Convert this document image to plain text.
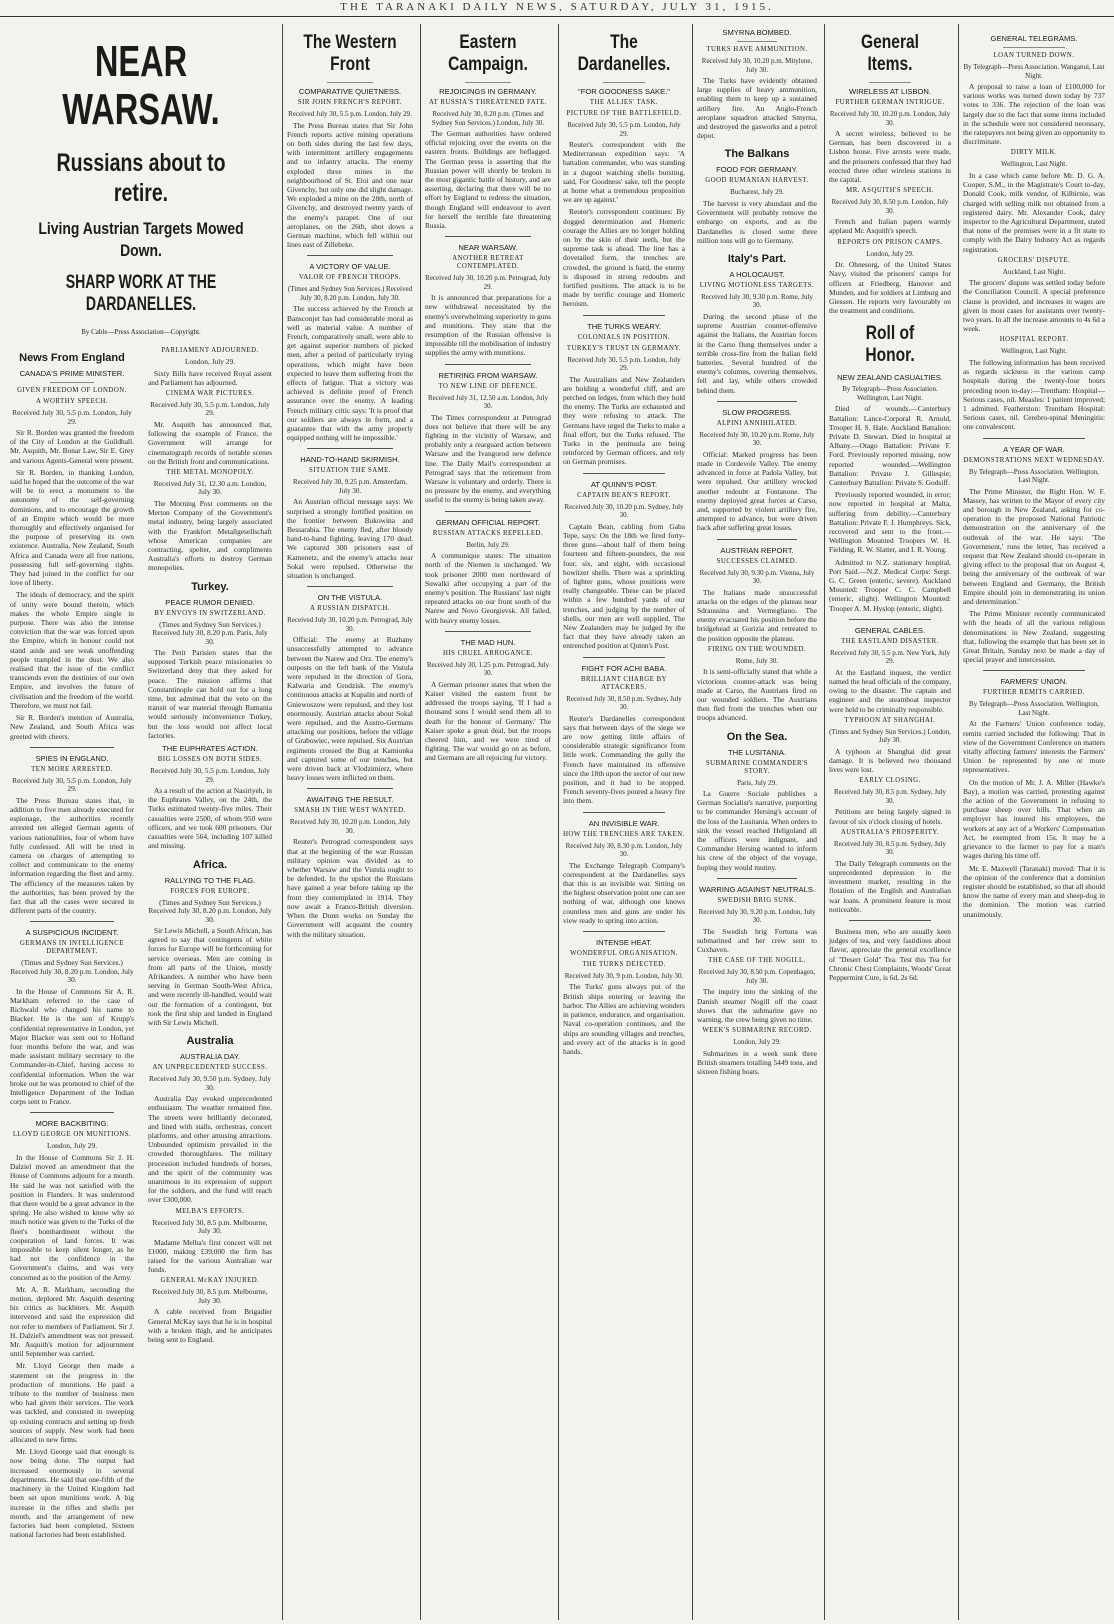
THE TARANAKI DAILY NEWS, SATURDAY, JULY 31, 1915.
NEAR WARSAW.
Russians about to retire.
Living Austrian Targets Mowed Down.
SHARP WORK AT THE DARDANELLES.
By Cable—Press Association—Copyright.
News From England
CANADA'S PRIME MINISTER.
GIVEN FREEDOM OF LONDON.
A WORTHY SPEECH.

Received July 30, 5.5 p.m. London, July 29.

Sir R. Borden was granted the freedom of the City of London at the Guildhall. Mr. Asquith, Mr. Bonar Law, Sir E. Grey and various Agents-General were present.

Sir R. Borden, in thanking London, said he hoped that the outcome of the war will be to erect a monument to the autonomy of the self-governing dominions, and to encourage the growth of an Empire which would be more thoroughly and effectively organised for the purpose of preserving its own existence. Australia, New Zealand, South Africa and Canada were all free nations, possessing full self-governing rights. They had joined in the conflict for our love of liberty.

The ideals of democracy, and the spirit of unity were bound therein, which makes the whole Empire single in purpose. There was also the intense conviction that the war was forced upon the Empire, which in honour could not stand aside and see weak unoffending people trampled in the dust. We also realised that the issue of the conflict transcends even the destinies of our own Empire, and involves the future of civilisation and the freedom of the world. Therefore, we must not fail.

Sir R. Borden's mention of Australia, New Zealand, and South Africa was greeted with cheers.

SPIES IN ENGLAND.
TEN MORE ARRESTED.

Received July 30, 5.5 p.m. London, July 29.

The Press Bureau states that, in addition to five men already executed for espionage, the authorities recently arrested ten alleged German agents of various nationalities, four of whom have fully confessed. All will be tried in camera on charges of attempting to collect and communicate to the enemy information regarding the fleet and army. The efficiency of the measures taken by the authorities, has been proved by the fact that all the cases were secured in different parts of the country.

A SUSPICIOUS INCIDENT.
GERMANS IN INTELLIGENCE DEPARTMENT.

(Times and Sydney Sun Services.) Received July 30, 8.20 p.m. London, July 30.

In the House of Commons Sir A. R. Markham referred to the case of Richwald who changed his name to Blacker. He is the son of Krupp's confidential representative in London, yet Major Blacker was sent out to Holland four months before the war, and was made assistant military secretary to the Commander-in-Chief, having access to confidential information. When the war broke out he was promoted to chief of the Intelligence Department of the Indian corps sent to France.

MORE BACKBITING.
LLOYD GEORGE ON MUNITIONS.

London, July 29.

In the House of Commons Sir J. H. Dalziel moved an amendment that the House of Commons adjourn for a month. He said he was not satisfied with the position in Flanders. It was understood that there would be a great advance in the spring. He also wished to know why so much notice was given to the Turks of the fleet's bombardment without the cooperation of land forces. It was impossible to keep silent longer, as he had not the confidence in the Government's claims, and was very concerned as to the position of the Army.

Mr. A. R. Markham, seconding the motion, deplored Mr. Asquith deserting his critics as backbiters. Mr. Asquith intervened and said the expression did not refer to members of Parliament. Sir J. H. Dalziel's amendment was not pressed. Mr. Asquith's motion for adjournment until September was carried.

Mr. Lloyd George then made a statement on the progress in the production of munitions. He paid a tribute to the number of business men who had given their services. The work was tackled, and consisted in sweeping up existing contracts and setting up fresh sources of supply. New work had been allocated to new firms.

Mr. Lloyd George said that enough is now being done. The output had increased enormously in several departments. He said that one-fifth of the machinery in the United Kingdom had been set upon munitions work. A big increase in the rifles and shells per month, and the arrangement of new factories had been completed. Sixteen national factories had been established.

PARLIAMENT ADJOURNED.

London, July 29.

Sixty Bills have received Royal assent and Parliament has adjourned.

CINEMA WAR PICTURES.

Received July 30, 5.5 p.m. London, July 29.

Mr. Asquith has announced that, following the example of France, the Government will arrange for cinematograph records of notable scenes on the British front and communications.

THE METAL MONOPOLY.

Received July 31, 12.30 a.m. London, July 30.

The Morning Post comments on the Merton Company of the Government's metal industry, being largely associated with the Frankfort Metallgesellschaft whose American companies are contracting, spelter, and compliments Australia's efforts to destroy German monopolies.

Turkey.
PEACE RUMOR DENIED.
BY ENVOYS IN SWITZERLAND.

(Times and Sydney Sun Services.) Received July 30, 8.20 p.m. Paris, July 30.

The Petit Parisien states that the supposed Turkish peace missionaries to Switzerland deny that they asked for peace. The mission affirms that Constantinople can hold out for a long time, but admitted that the veto on the transit of war material through Rumania would seriously inconvenience Turkey, but the loss would not affect local factories.

THE EUPHRATES ACTION.
BIG LOSSES ON BOTH SIDES.

Received July 30, 5.5 p.m. London, July 29.

As a result of the action at Nasiriyeh, in the Euphrates Valley, on the 24th, the Turks estimated twenty-five miles. Their casualties were 2500, of whom 950 were officers, and we took 600 prisoners. Our casualties were 564, including 107 killed and missing.

Africa.
RALLYING TO THE FLAG.
FORCES FOR EUROPE.

(Times and Sydney Sun Services.) Received July 30, 8.20 p.m. London, July 30.

Sir Lewis Michell, a South African, has agreed to say that contingents of white forces for Europe will be forthcoming for service overseas. Men are coming in from all parts of the Union, mostly Afrikanders. A number who have been serving in German South-West Africa, and were recently ill-handled, would wait out the formation of a contingent, but took the first ship and landed in England with Sir Lewis Michell.

Australia
AUSTRALIA DAY.
AN UNPRECEDENTED SUCCESS.

Received July 30, 9.50 p.m. Sydney, July 30.

Australia Day evoked unprecedented enthusiasm. The weather remained fine. The streets were brilliantly decorated, and lined with stalls, orchestras, concert platforms, and other amusing attractions. Unbounded optimism prevailed in the crowded thoroughfares. The military procession included hundreds of horses, and the spirit of the community was unanimous in its expression of support for the soldiers, and the fund will reach over £300,000.

MELBA'S EFFORTS.

Received July 30, 8.5 p.m. Melbourne, July 30.

Madame Melba's first concert will net £1000, making £39,000 the firm has raised for the various Australian war funds.

GENERAL McKAY INJURED.

Received July 30, 8.5 p.m. Melbourne, July 30.

A cable received from Brigadier General McKay says that he is in hospital with a broken thigh, and he anticipates being sent to England.

The Western Front
COMPARATIVE QUIETNESS.
SIR JOHN FRENCH'S REPORT.

Received July 30, 5.5 p.m. London, July 29.

The Press Bureau states that Sir John French reports active mining operations on both sides during the last few days, with intermittent artillery engagements and no infantry attacks. The enemy exploded three mines in the neighbourhood of St. Eloi and one near Givenchy, but only one did slight damage. We exploded a mine on the 28th, north of Givenchy, and destroyed twenty yards of the enemy's parapet. One of our aeroplanes, on the 26th, shot down a German machine, which fell within our lines east of Zillebeke.

A VICTORY OF VALUE.
VALOR OF FRENCH TROOPS.

(Times and Sydney Sun Services.) Received July 30, 8.20 p.m. London, July 30.

The success achieved by the French at Bansconjet has had considerable moral as well as material value. A number of French, comparatively small, were able to get against superior numbers of picked men, after a period of particularly trying operations, which might have been expected to leave them suffering from the effects of fatigue. That a victory was achieved is definite proof of French assurance over the enemy. A leading French military critic says: 'It is proof that our soldiers are always in form, and a guarantee that with the army properly equipped nothing will be impossible.'

HAND-TO-HAND SKIRMISH.
SITUATION THE SAME.

Received July 30, 9.25 p.m. Amsterdam, July 30.

An Austrian official message says: We surprised a strongly fortified position on the frontier between Bukowina and Bessarabia. The enemy fled, after bloody hand-to-hand fighting, leaving 170 dead. We captured 300 prisoners east of Kamenetz, and the enemy's attacks near Sokal were repulsed. Otherwise the situation is unchanged.

ON THE VISTULA.
A RUSSIAN DISPATCH.

Received July 30, 10.20 p.m. Petrograd, July 30.

Official: The enemy at Ruzhany unsuccessfully attempted to advance between the Narew and Orz. The enemy's outposts on the left bank of the Vistula were repulsed in the direction of Gora, Kalwaria and Grodzisk. The enemy's continuous attacks at Kupalin and north of Gniewoszow were repulsed, and they lost enormously. Austrian attacks about Sokal were repulsed, and the Austro-Germans attacking our positions, before the village of Grabowiec, were repulsed. Six Austrian regiments crossed the Bug at Kamionka and captured some of our trenches, but were driven back at Vlodzimierz, where heavy losses were inflicted on them.

AWAITING THE RESULT.
SMASH IN THE WEST WANTED.

Received July 30, 10.20 p.m. London, July 30.

Reuter's Petrograd correspondent says that at the beginning of the war Russian military opinion was divided as to whether Warsaw and the Vistula ought to be defended. In the upshot the Russians have gained a year before taking up the front they contemplated in 1914. They now await a Franco-British diversion. When the Dunn works on Sunday the Government will acquaint the country with the military situation.

Eastern Campaign.
REJOICINGS IN GERMANY.
AT RUSSIA'S THREATENED FATE.

Received July 30, 8.20 p.m. (Times and Sydney Sun Services.) London, July 30.

The German authorities have ordered official rejoicing over the events on the eastern fronts. Buildings are beflagged. The German press is asserting that the Russian power will shortly be broken in the most gigantic battle of history, and are asserting, declaring that there will be no effort by England to redress the situation, though England will endeavour to avert for herself the terrible fate threatening Russia.

NEAR WARSAW.
ANOTHER RETREAT CONTEMPLATED.

Received July 30, 10.20 p.m. Petrograd, July 29.

It is announced that preparations for a new withdrawal necessitated by the enemy's overwhelming superiority in guns and munitions. They state that the resumption of the Russian offensive is impossible till the mobilisation of industry supplies the army with munitions.

RETIRING FROM WARSAW.
TO NEW LINE OF DEFENCE.

Received July 31, 12.50 a.m. London, July 30.

The Times correspondent at Petrograd does not believe that there will be any fighting in the vicinity of Warsaw, and probably only a rearguard action between Warsaw and the Ivangorod new defence line. The Daily Mail's correspondent at Petrograd says that the retirement from Warsaw is voluntary and orderly. There is no pressure by the enemy, and everything useful to the enemy is being taken away.

GERMAN OFFICIAL REPORT.
RUSSIAN ATTACKS REPELLED.

Berlin, July 29.

A communique states: The situation north of the Niemen is unchanged. We took prisoner 2000 men northward of Suwalki after occupying a part of the enemy's position. The Russians' last night repeated attacks on our front south of the Narew and Novo Georgievsk. All failed, with heavy enemy losses.

THE MAD HUN.
HIS CRUEL ARROGANCE.

Received July 30, 1.25 p.m. Petrograd, July 30.

A German prisoner states that when the Kaiser visited the eastern front he addressed the troops saying, 'If I had a thousand sons I would send them all to death for the honour of Germany.' The Kaiser spoke a great deal, but the troops cheered him, and we were tired of fighting. The war would go on as before, and Germans are all rejoicing for victory.

The Dardanelles.
"FOR GOODNESS SAKE."
THE ALLIES' TASK.
PICTURE OF THE BATTLEFIELD.

Received July 30, 5.5 p.m. London, July 29.

Reuter's correspondent with the Mediterranean expedition says: 'A battalion commander, who was standing in a dugout watching shells bursting, said, For Goodness' sake, tell the people at home what a tremendous proposition we are up against.'

Reuter's correspondent continues: By dogged determination and Homeric courage the Allies are no longer holding on by the skin of their teeth, but the supreme task is ahead. The line has a dovetailed form, the trenches are crowded, the ground is hard, the enemy is disposed in strong redoubts and fortified positions. The attack is to be made by terrific courage and Homeric heroism.

THE TURKS WEARY.
COLONIALS IN POSITION.
TURKEY'S TRUST IN GERMANY.

Received July 30, 5.5 p.m. London, July 29.

The Australians and New Zealanders are holding a wonderful cliff, and are perched on ledges, from which they hold the enemy. The Turks are exhausted and they were refusing to attack. The Germans have urged the Turks to make a final effort, but the Turks refused. The Turks in the peninsula are being reinforced by German officers, and rely on German promises.

AT QUINN'S POST.
CAPTAIN BEAN'S REPORT.

Received July 30, 10.20 p.m. Sydney, July 30.

Captain Bean, cabling from Gaba Tepe, says: On the 18th we fired forty-three guns—about half of them being fourteen and fifteen-pounders, the rest four, six, and eight, with occasional howitzer shells. There was a sprinkling of lighter guns, whose positions were really changeable. These can be placed within a few hundred yards of our trenches, and judging by the number of shells, our men are well supplied. The New Zealanders may be judged by the fact that they have already taken an entrenched position at Quinn's Post.

FIGHT FOR ACHI BABA.
BRILLIANT CHARGE BY ATTACKERS.

Received July 30, 8.50 p.m. Sydney, July 30.

Reuter's Dardanelles correspondent says that between days of the siege we are now getting little affairs of considerable strategic significance from little work. Commanding the gully the French have maintained its offensive since the 18th upon the sector of our new position, and it had to be stopped. French seventy-fives poured a heavy fire into them.

AN INVISIBLE WAR.
HOW THE TRENCHES ARE TAKEN.

Received July 30, 8.30 p.m. London, July 30.

The Exchange Telegraph Company's correspondent at the Dardanelles says that this is an invisible war. Sitting on the highest observation point one can see nothing of war, although one knows countless men and guns are under his view ready to spring into action.

INTENSE HEAT.
WONDERFUL ORGANISATION.
THE TURKS DEJECTED.

Received July 30, 9 p.m. London, July 30.

The Turks' guns always put of the British ships entering or leaving the harbor. The Allies are achieving wonders in patience, endurance, and organisation. Naval co-operation continues, and the ships are sounding villages and trenches, and every act of the attacks is in good hands.

SMYRNA BOMBED.
TURKS HAVE AMMUNITION.

Received July 30, 10.20 p.m. Mitylene, July 30.

The Turks have evidently obtained large supplies of heavy ammunition, enabling them to keep up a sustained artillery fire. An Anglo-French aeroplane squadron attacked Smyrna, and destroyed the gasworks and a petrol depot.

The Balkans
FOOD FOR GERMANY.
GOOD RUMANIAN HARVEST.

Bucharest, July 29.

The harvest is very abundant and the Government will probably remove the embargo on exports, and as the Dardanelles is closed some three million tons will go to Germany.

Italy's Part.
A HOLOCAUST.
LIVING MOTIONLESS TARGETS.

Received July 30, 9.30 p.m. Rome, July 30.

During the second phase of the supreme Austrian counter-offensive against the Italians, the Austrian forces in the Carso flung themselves under a terrible cross-fire from the Italian field batteries. Several hundred of the enemy's columns, covering themselves, fell and lay, while others crowded behind them.

SLOW PROGRESS.
ALPINI ANNIHILATED.

Received July 30, 10.20 p.m. Rome, July 30.

Official: Marked progress has been made in Cordevole Valley. The enemy advanced in force at Padola Valley, but were repulsed. Our artillery wrecked another redoubt at Fontanone. The enemy deployed great forces at Carso, and, supported by violent artillery fire, attempted to advance, but were driven back after suffering great losses.

AUSTRIAN REPORT.
SUCCESSES CLAIMED.

Received July 30, 9.30 p.m. Vienna, July 30.

The Italians made unsuccessful attacks on the edges of the plateau near Sdraussina and Vermegliano. The enemy evacuated his position before the bridgehead at Gorizia and retreated to the position opposite the plateau.

FIRING ON THE WOUNDED.

Rome, July 30.

It is semi-officially stated that while a victorious counter-attack was being made at Carso, the Austrians fired on our wounded soldiers. The Austrians then fled from the trenches when our troops advanced.

On the Sea.
THE LUSITANIA.
SUBMARINE COMMANDER'S STORY.

Paris, July 29.

La Guerre Sociale publishes a German Socialist's narrative, purporting to be commander Hersing's account of the loss of the Lusitania. When orders to sink the vessel reached Heligoland all the officers were indignant, and Commander Hersing wanted to inform his crew of the object of the voyage, hoping they would mutiny.

WARRING AGAINST NEUTRALS.
SWEDISH BRIG SUNK.

Received July 30, 9.20 p.m. London, July 30.

The Swedish brig Fortuna was submarined and her crew sent to Cuxhaven.

THE CASE OF THE NOGILL.

Received July 30, 8.50 p.m. Copenhagen, July 30.

The inquiry into the sinking of the Danish steamer Nogill off the coast shows that the submarine gave no warning, the crew being given no time.

WEEK'S SUBMARINE RECORD.

London, July 29.

Submarines in a week sunk three British steamers totalling 5449 tons, and sixteen fishing boats.

General Items.
WIRELESS AT LISBON.
FURTHER GERMAN INTRIGUE.

Received July 30, 10.20 p.m. London, July 30.

A secret wireless, believed to be German, has been discovered in a Lisbon house. Five arrests were made, and the prisoners confessed that they had erected three other wireless stations in the capital.

MR. ASQUITH'S SPEECH.

Received July 30, 8.50 p.m. London, July 30.

French and Italian papers warmly applaud Mr. Asquith's speech.

REPORTS ON PRISON CAMPS.

London, July 29.

Dr. Ohnesorg, of the United States Navy, visited the prisoners' camps for officers at Friedberg, Hanover and Munden, and for soldiers at Limburg and Giessen. He reports very favourably on the treatment and conditions.

Roll of Honor.
NEW ZEALAND CASUALTIES.

By Telegraph—Press Association. Wellington, Last Night.

Died of wounds.—Canterbury Battalion: Lance-Corporal R. Arnold, Trooper H. S. Hale. Auckland Battalion: Private D. Stewart. Died in hospital at Albany.—Otago Battalion: Private F. Ford. Previously reported missing, now reported wounded.—Wellington Battalion: Private J. Gillespie; Canterbury Battalion: Private S. Godsiff.

Previously reported wounded, in error; now reported in hospital at Malta, suffering from debility.—Canterbury Battalion: Private F. J. Humphreys. Sick, recovered and sent to the front.—Wellington Mounted Troopers W. H. Fielding, R. W. Slatter, and I. R. Young.

Admitted to N.Z. stationary hospital, Port Said.—N.Z. Medical Corps: Sergt. G. C. Green (enteric, severe). Auckland Mounted: Trooper C. C. Campbell (enteric, slight). Wellington Mounted: Trooper A. M. Hyslop (enteric, slight).

GENERAL CABLES.
THE EASTLAND DISASTER.

Received July 30, 5.5 p.m. New York, July 29.

At the Eastland inquest, the verdict named the head officials of the company, owing to the disaster. The captain and engineer and the steamboat inspector were held to be criminally responsible.

TYPHOON AT SHANGHAI.

(Times and Sydney Sun Services.) London, July 30.

A typhoon at Shanghai did great damage. It is believed two thousand lives were lost.

EARLY CLOSING.

Received July 30, 8.5 p.m. Sydney, July 30.

Petitions are being largely signed in favour of six o'clock closing of hotels.

AUSTRALIA'S PROSPERITY.

Received July 30, 8.5 p.m. Sydney, July 30.

The Daily Telegraph comments on the unprecedented depression in the investment market, resulting in the flotation of the English and Australian war loans. A prominent feature is most noticeable.

Business men, who are usually keen judges of tea, and very fastidious about flavor, appreciate the general excellence of "Desert Gold" Tea. Test this Tea for Chronic Chest Complaints, Woods' Great Peppermint Cure, is 6d, 2s 6d.

GENERAL TELEGRAMS.
LOAN TURNED DOWN.

By Telegraph—Press Association. Wanganui, Last Night.

A proposal to raise a loan of £100,000 for various works was turned down today by 737 votes to 336. The rejection of the loan was largely due to the fact that some items included in the schedule were not considered necessary, the ratepayers not being given an opportunity to discriminate.

DIRTY MILK.

Wellington, Last Night.

In a case which came before Mr. D. G. A. Cooper, S.M., in the Magistrate's Court to-day, Donald Cook, milk vendor, of Kilbirnie, was charged with selling milk not obtained from a registered dairy. Mr. Alexander Cook, dairy inspector to the Agricultural Department, stated that none of the premises were in a fit state to comply with the Dairy Industry Act as regards registration.

GROCERS' DISPUTE.

Auckland, Last Night.

The grocers' dispute was settled today before the Conciliation Council. A special preference clause is provided, and increases in wages are given in most cases for assistants over twenty-two years. In all the increase amounts to 4s 6d a week.

HOSPITAL REPORT.

Wellington, Last Night.

The following information has been received as regards sickness in the various camp hospitals during the twenty-four hours preceding noon to-day:—Trentham: Hospital—Serious cases, nil. Measles: 1 patient improved; 1 admitted. Featherston: Trentham Hospital: Serious cases, nil. Cerebro-spinal Meningitis: one convalescent.

A YEAR OF WAR.
DEMONSTRATIONS NEXT WEDNESDAY.

By Telegraph—Press Association. Wellington, Last Night.

The Prime Minister, the Right Hon. W. F. Massey, has written to the Mayor of every city and borough in New Zealand, asking for co-operation in the proposed National Patriotic demonstration on the anniversary of the outbreak of the war. He says: 'The Government,' runs the letter, 'has received a request that New Zealand should co-operate in giving effect to the proposal that on August 4, being the anniversary of the outbreak of war between England and Germany, the British Empire should join in demonstrating its union and determination.'

The Prime Minister recently communicated with the heads of all the various religious denominations in New Zealand, suggesting that, following the example that has been set in Great Britain, Sunday next be made a day of special prayer and intercession.

FARMERS' UNION.
FURTHER REMITS CARRIED.

By Telegraph—Press Association. Wellington, Last Night.

At the Farmers' Union conference today, remits carried included the following: That in view of the Government Conference on matters vitally affecting farmers' interests the Farmers' Union be represented by one or more representatives.

On the motion of Mr. J. A. Miller (Hawke's Bay), a motion was carried, protesting against the action of the Government in refusing to purchase sheep over hills. That when an employer has insured his employees, the workers at any act of a Workers' Compensation Act, be exempted from 15s. It may be a grievance to the farmer to pay for a man's wages during his time off.

Mr. E. Maxwell (Taranaki) moved: That it is the opinion of the conference that a dominion register should be established, so that all should know the name of every man and sheep-dog in the dominion. The motion was carried unanimously.
